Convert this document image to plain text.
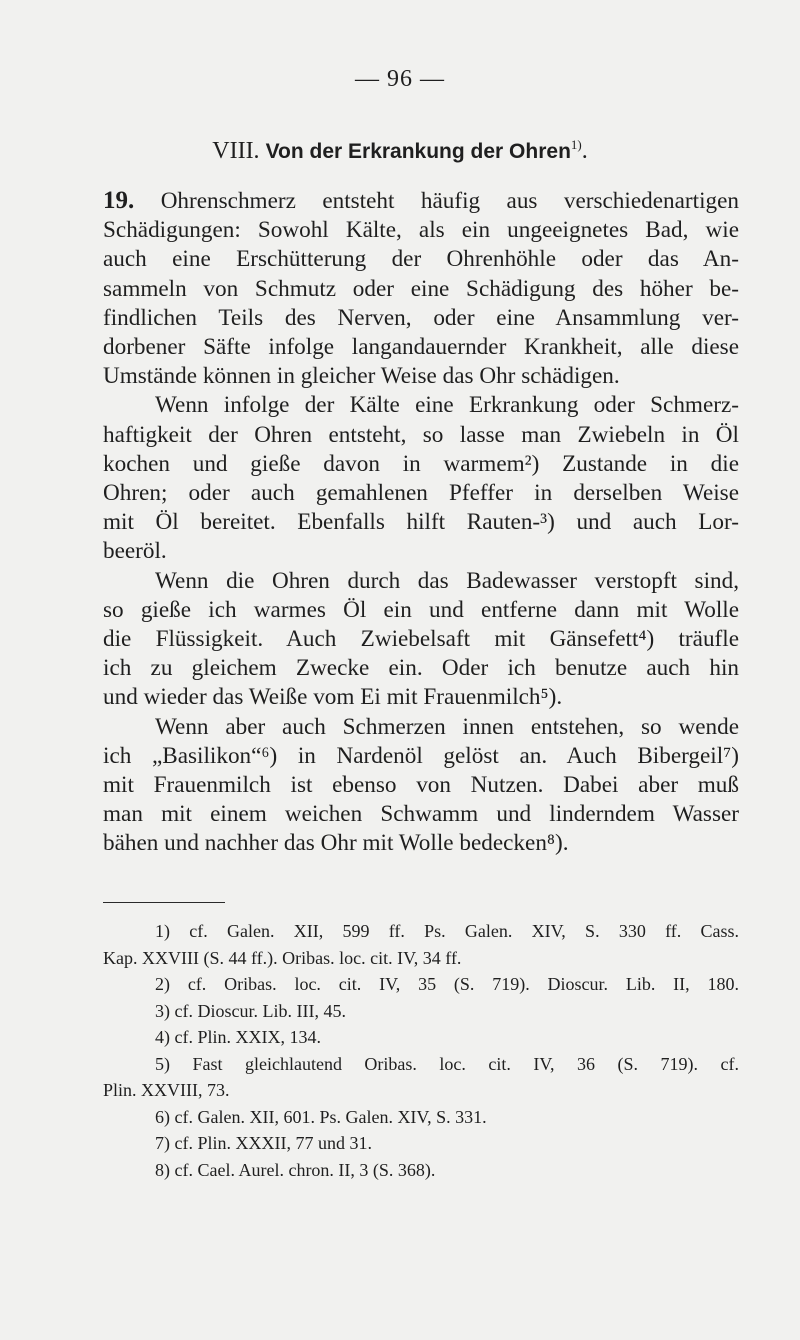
— 96 —
VIII. Von der Erkrankung der Ohren$^{1)}$.
19. Ohrenschmerz entsteht häufig aus verschiedenartigen
Schädigungen: Sowohl Kälte, als ein ungeeignetes Bad, wie
auch eine Erschütterung der Ohrenhöhle oder das An-
sammeln von Schmutz oder eine Schädigung des höher be-
findlichen Teils des Nerven, oder eine Ansammlung ver-
dorbener Säfte infolge langandauernder Krankheit, alle diese
Umstände können in gleicher Weise das Ohr schädigen.
Wenn infolge der Kälte eine Erkrankung oder Schmerz-
haftigkeit der Ohren entsteht, so lasse man Zwiebeln in Öl
kochen und gieße davon in warmem²) Zustande in die
Ohren; oder auch gemahlenen Pfeffer in derselben Weise
mit Öl bereitet. Ebenfalls hilft Rauten-³) und auch Lor-
beeröl.
Wenn die Ohren durch das Badewasser verstopft sind,
so gieße ich warmes Öl ein und entferne dann mit Wolle
die Flüssigkeit. Auch Zwiebelsaft mit Gänsefett⁴) träufle
ich zu gleichem Zwecke ein. Oder ich benutze auch hin
und wieder das Weiße vom Ei mit Frauenmilch⁵).
Wenn aber auch Schmerzen innen entstehen, so wende
ich „Basilikon“⁶) in Nardenöl gelöst an. Auch Bibergeil⁷)
mit Frauenmilch ist ebenso von Nutzen. Dabei aber muß
man mit einem weichen Schwamm und linderndem Wasser
bähen und nachher das Ohr mit Wolle bedecken⁸).
1) cf. Galen. XII, 599 ff. Ps. Galen. XIV, S. 330 ff. Cass.
Kap. XXVIII (S. 44 ff.). Oribas. loc. cit. IV, 34 ff.
2) cf. Oribas. loc. cit. IV, 35 (S. 719). Dioscur. Lib. II, 180.
3) cf. Dioscur. Lib. III, 45.
4) cf. Plin. XXIX, 134.
5) Fast gleichlautend Oribas. loc. cit. IV, 36 (S. 719). cf.
Plin. XXVIII, 73.
6) cf. Galen. XII, 601. Ps. Galen. XIV, S. 331.
7) cf. Plin. XXXII, 77 und 31.
8) cf. Cael. Aurel. chron. II, 3 (S. 368).
